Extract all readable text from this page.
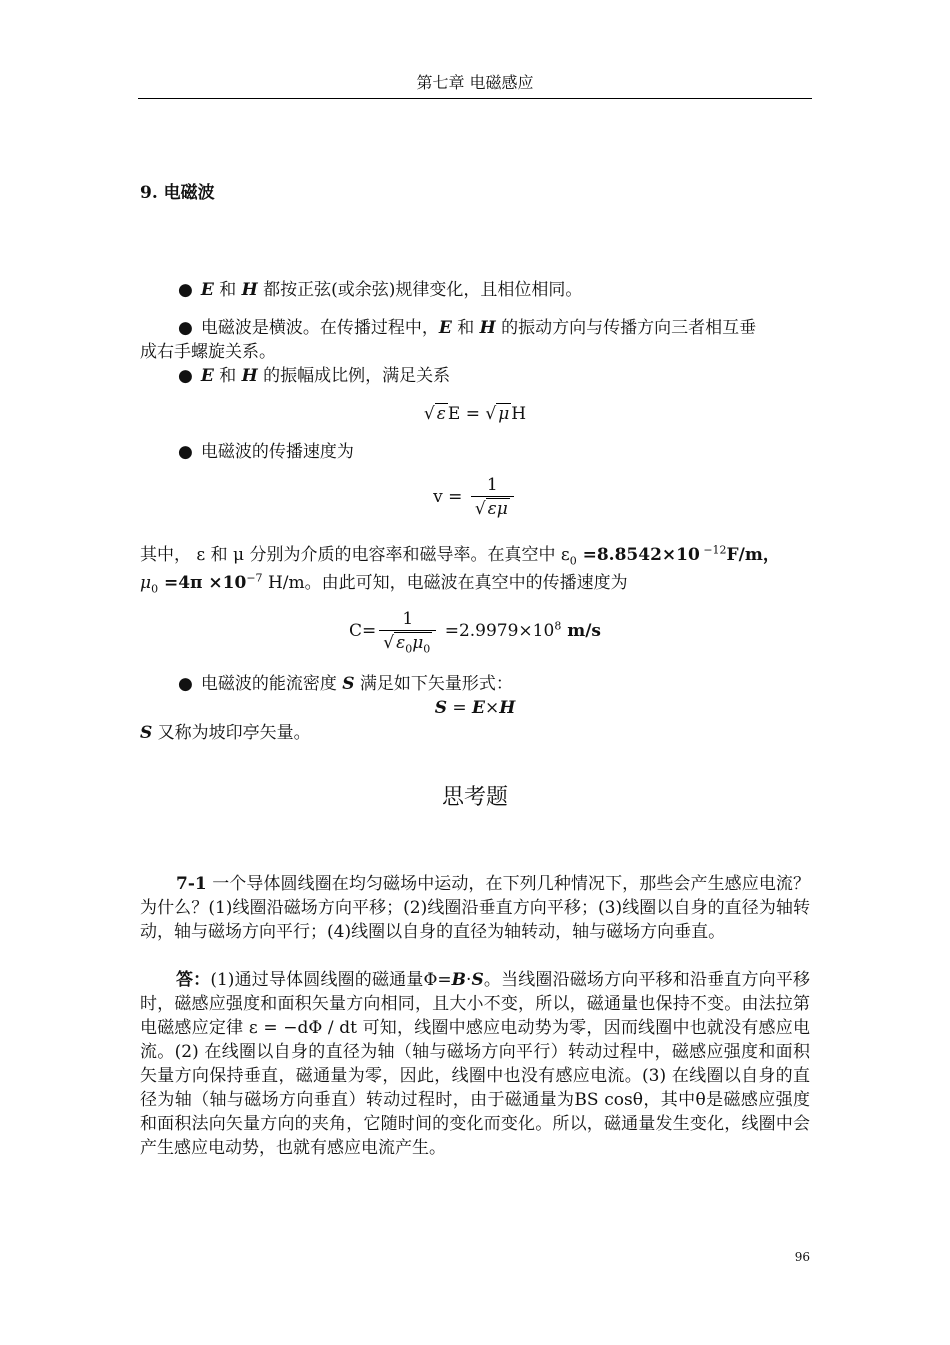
第七章 电磁感应
9. 电磁波
● E 和 H 都按正弦(或余弦)规律变化，且相位相同。
● 电磁波是横波。在传播过程中，E 和 H 的振动方向与传播方向三者相互垂
成右手螺旋关系。
● E 和 H 的振幅成比例，满足关系
√ ε E = √ μ H
● 电磁波的传播速度为
$v = \frac{1}{√ \varepsilon\mu}$
其中， ε 和 μ 分别为介质的电容率和磁导率。在真空中 $\varepsilon_0 =8.8542\times 10$ $^{-12}$F/m，
$\mu_0 =4\pi \times 10^{-7}$ H/m。由此可知，电磁波在真空中的传播速度为
$C= \frac{1}{√ \varepsilon_0\mu_0} =2.9979\times 10^8$ m/s
● 电磁波的能流密度 S 满足如下矢量形式：
S = E×H
S 又称为坡印亭矢量。
思考题
7-1 一个导体圆线圈在均匀磁场中运动，在下列几种情况下，那些会产生感应电流？为什么？(1)线圈沿磁场方向平移；(2)线圈沿垂直方向平移；(3)线圈以自身的直径为轴转动，轴与磁场方向平行；(4)线圈以自身的直径为轴转动，轴与磁场方向垂直。
答：(1)通过导体圆线圈的磁通量Φ=B·S。当线圈沿磁场方向平移和沿垂直方向平移时，磁感应强度和面积矢量方向相同，且大小不变，所以，磁通量也保持不变。由法拉第电磁感应定律 ε = −dΦ / dt 可知，线圈中感应电动势为零，因而线圈中也就没有感应电流。(2) 在线圈以自身的直径为轴（轴与磁场方向平行）转动过程中，磁感应强度和面积矢量方向保持垂直，磁通量为零，因此，线圈中也没有感应电流。(3) 在线圈以自身的直径为轴（轴与磁场方向垂直）转动过程时，由于磁通量为BS cosθ，其中θ是磁感应强度和面积法向矢量方向的夹角，它随时间的变化而变化。所以，磁通量发生变化，线圈中会产生感应电动势，也就有感应电流产生。
96
